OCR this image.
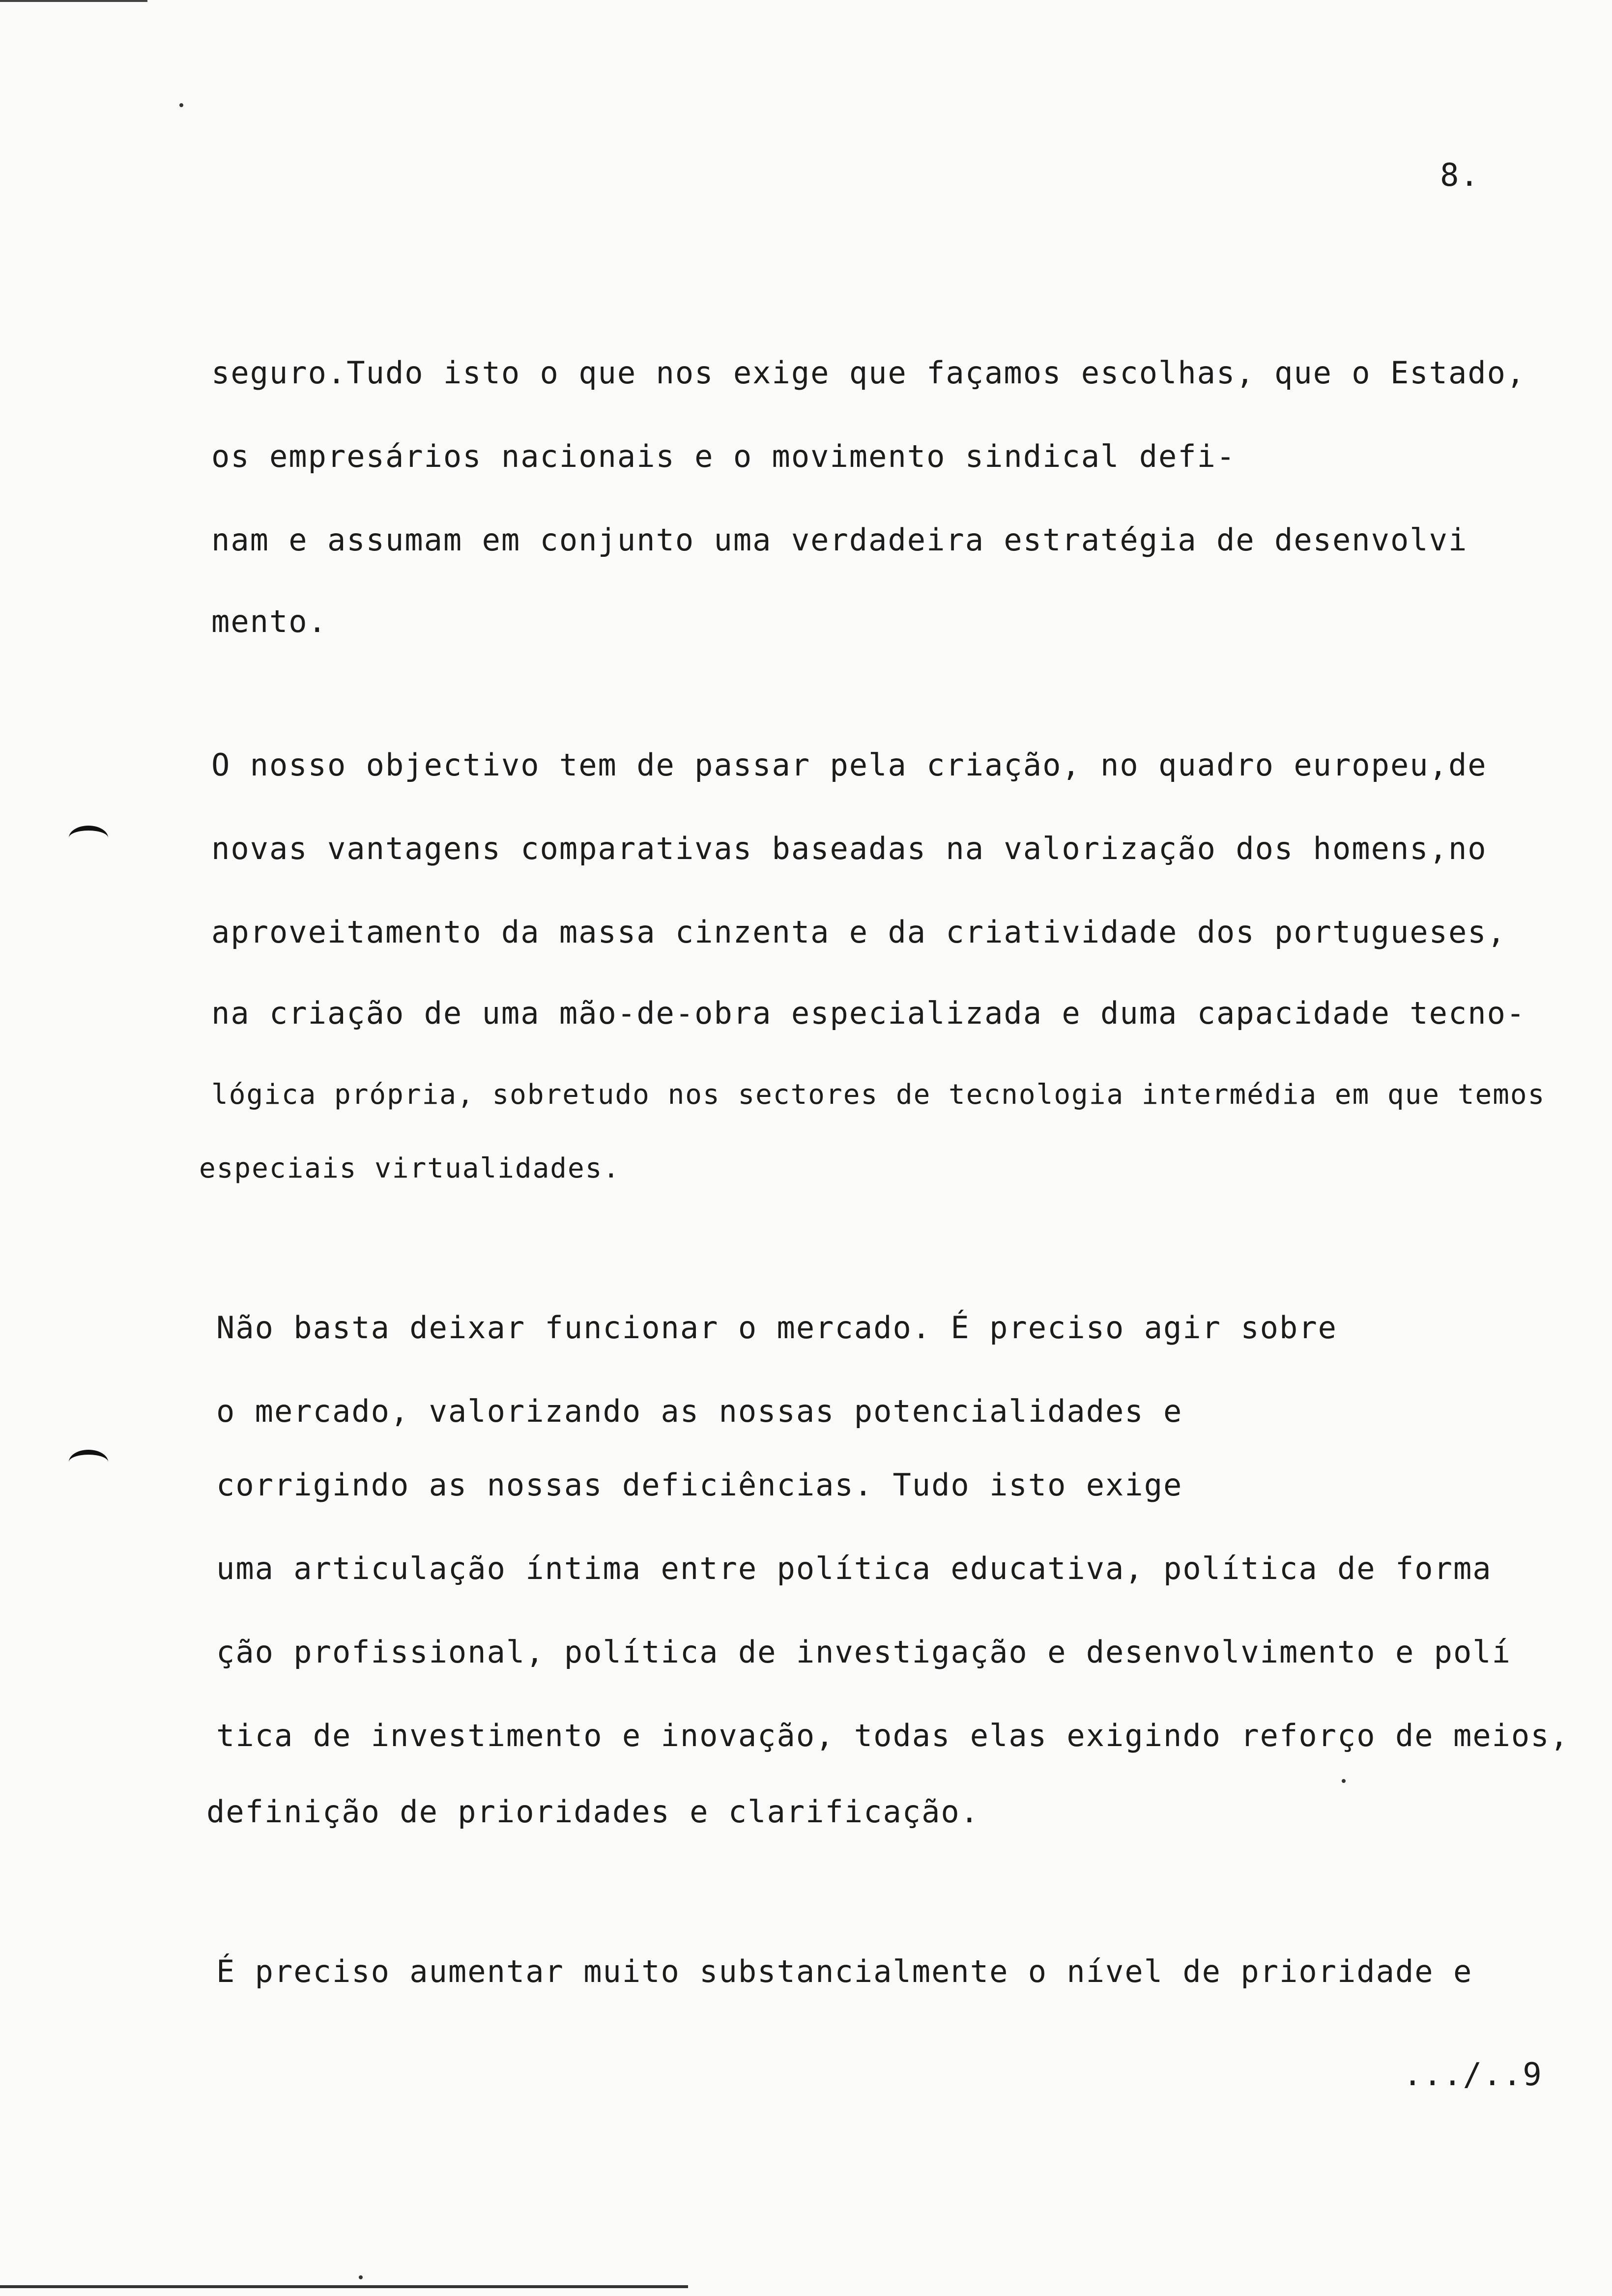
8.
seguro.Tudo isto o que nos exige que façamos escolhas, que o Estado,
os empresários nacionais e o movimento sindical defi-
nam e assumam em conjunto uma verdadeira estratégia de desenvolvi
mento.
O nosso objectivo tem de passar pela criação, no quadro europeu,de
novas vantagens comparativas baseadas na valorização dos homens,no
aproveitamento da massa cinzenta e da criatividade dos portugueses,
na criação de uma mão-de-obra especializada e duma capacidade tecno-
lógica própria, sobretudo nos sectores de tecnologia intermédia em que temos
especiais virtualidades.
Não basta deixar funcionar o mercado. É preciso agir sobre
o mercado, valorizando as nossas potencialidades e
corrigindo as nossas deficiências. Tudo isto exige
uma articulação íntima entre política educativa, política de forma
ção profissional, política de investigação e desenvolvimento e polí
tica de investimento e inovação, todas elas exigindo reforço de meios,
definição de prioridades e clarificação.
É preciso aumentar muito substancialmente o nível de prioridade e
.../..9
